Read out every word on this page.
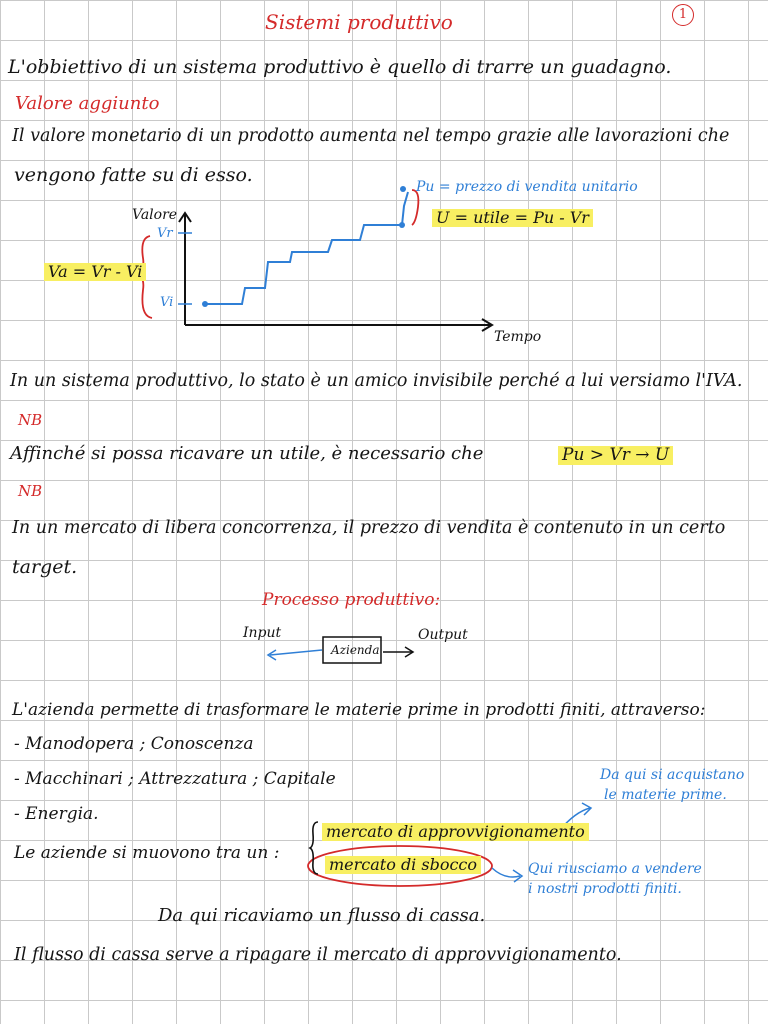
Sistemi produttivo	1
L'obbiettivo di un sistema produttivo è quello di trarre un guadagno.
Valore aggiunto
Il valore monetario di un prodotto aumenta nel tempo grazie alle lavorazioni che
vengono fatte su di esso.
Valore
Vr
Vi
Tempo
Va = Vr - Vi
Pu = prezzo di vendita unitario
U = utile = Pu - Vr
In un sistema produttivo, lo stato è un amico invisibile perché a lui versiamo l'IVA.
NB
Affinché si possa ricavare un utile, è necessario che	Pu > Vr → U
NB
In un mercato di libera concorrenza, il prezzo di vendita è contenuto in un certo
target.
Processo produttivo:
Input
Azienda
Output
L'azienda permette di trasformare le materie prime in prodotti finiti, attraverso:
- Manodopera ; Conoscenza
- Macchinari ; Attrezzatura ; Capitale
- Energia.
Le aziende si muovono tra un :
mercato di approvvigionamento
mercato di sbocco
Da qui si acquistano
le materie prime.
Qui riusciamo a vendere
i nostri prodotti finiti.
Da qui ricaviamo un flusso di cassa.
Il flusso di cassa serve a ripagare il mercato di approvvigionamento.
